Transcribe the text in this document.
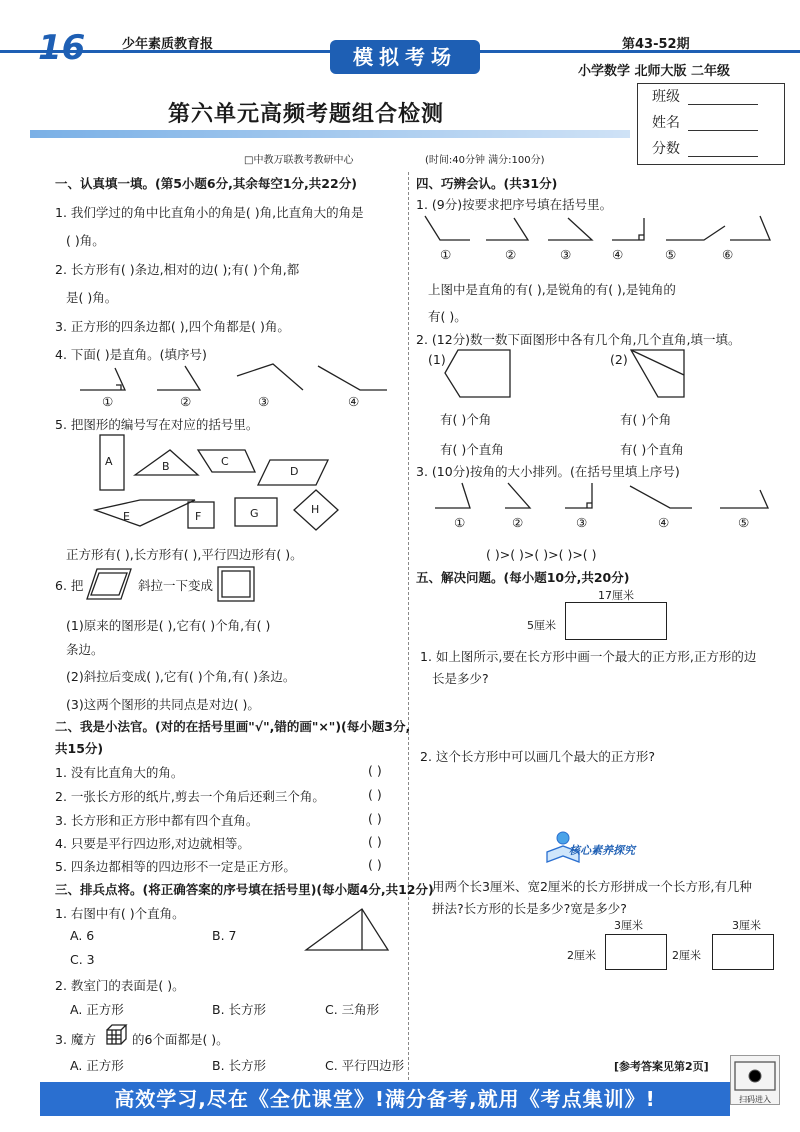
16	少年素质教育报
模拟考场
第43-52期
小学数学 北师大版 二年级
第六单元高频考题组合检测
班级
姓名
分数
□中教万联教考教研中心	(时间:40分钟 满分:100分)
一、认真填一填。(第5小题6分,其余每空1分,共22分)
1. 我们学过的角中比直角小的角是( )角,比直角大的角是
( )角。
2. 长方形有( )条边,相对的边( );有( )个角,都
是( )角。
3. 正方形的四条边都( ),四个角都是( )角。
4. 下面( )是直角。(填序号)
①	②	③	④
5. 把图形的编号写在对应的括号里。
A	B	C
D
E	F	G	H
正方形有( ),长方形有( ),平行四边形有( )。
6. 把	斜拉一下变成
(1)原来的图形是( ),它有( )个角,有( )
条边。
(2)斜拉后变成( ),它有( )个角,有( )条边。
(3)这两个图形的共同点是对边( )。
二、我是小法官。(对的在括号里画"√",错的画"×")(每小题3分,
共15分)
1. 没有比直角大的角。	( )
2. 一张长方形的纸片,剪去一个角后还剩三个角。	( )
3. 长方形和正方形中都有四个直角。	( )
4. 只要是平行四边形,对边就相等。	( )
5. 四条边都相等的四边形不一定是正方形。	( )
三、排兵点将。(将正确答案的序号填在括号里)(每小题4分,共12分)
1. 右图中有( )个直角。
A. 6	B. 7
C. 3
2. 教室门的表面是( )。
A. 正方形	B. 长方形	C. 三角形
3. 魔方	的6个面都是( )。
A. 正方形	B. 长方形	C. 平行四边形
四、巧辨会认。(共31分)
1. (9分)按要求把序号填在括号里。
①	②	③	④	⑤	⑥
上图中是直角的有( ),是锐角的有( ),是钝角的
有( )。
2. (12分)数一数下面图形中各有几个角,几个直角,填一填。
(1)	(2)
有( )个角	有( )个角
有( )个直角	有( )个直角
3. (10分)按角的大小排列。(在括号里填上序号)
①	②	③	④	⑤
( )>( )>( )>( )>( )
五、解决问题。(每小题10分,共20分)
17厘米
5厘米
1. 如上图所示,要在长方形中画一个最大的正方形,正方形的边
长是多少?
2. 这个长方形中可以画几个最大的正方形?
核心素养探究
用两个长3厘米、宽2厘米的长方形拼成一个长方形,有几种
拼法?长方形的长是多少?宽是多少?
3厘米	3厘米
2厘米	2厘米
[参考答案见第2页]
高效学习,尽在《全优课堂》!满分备考,就用《考点集训》!	扫码进入
